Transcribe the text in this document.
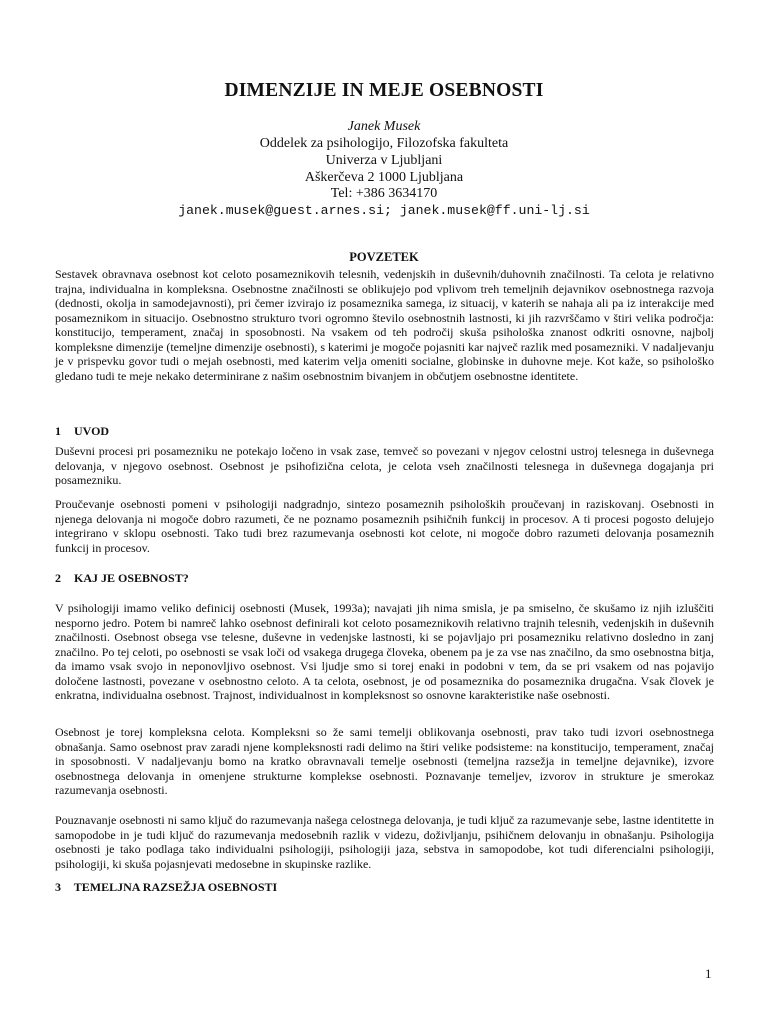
DIMENZIJE IN MEJE OSEBNOSTI
Janek Musek
Oddelek za psihologijo, Filozofska fakulteta
Univerza v Ljubljani
Aškerčeva 2 1000 Ljubljana
Tel: +386 3634170
janek.musek@guest.arnes.si; janek.musek@ff.uni-lj.si
POVZETEK

Sestavek obravnava osebnost kot celoto posameznikovih telesnih, vedenjskih in duševnih/duhovnih značilnosti. Ta celota je relativno trajna, individualna in kompleksna. Osebnostne značilnosti se oblikujejo pod vplivom treh temeljnih dejavnikov osebnostnega razvoja (dednosti, okolja in samodejavnosti), pri čemer izvirajo iz posameznika samega, iz situacij, v katerih se nahaja ali pa iz interakcije med posameznikom in situacijo. Osebnostno strukturo tvori ogromno število osebnostnih lastnosti, ki jih razvrščamo v štiri velika področja: konstitucijo, temperament, značaj in sposobnosti. Na vsakem od teh področij skuša psihološka znanost odkriti osnovne, najbolj kompleksne dimenzije (temeljne dimenzije osebnosti), s katerimi je mogoče pojasniti kar največ razlik med posamezniki. V nadaljevanju je v prispevku govor tudi o mejah osebnosti, med katerim velja omeniti socialne, globinske in duhovne meje. Kot kaže, so psihološko gledano tudi te meje nekako determinirane z našim osebnostnim bivanjem in občutjem osebnostne identitete.

1 UVOD

Duševni procesi pri posamezniku ne potekajo ločeno in vsak zase, temveč so povezani v njegov celostni ustroj telesnega in duševnega delovanja, v njegovo osebnost. Osebnost je psihofizična celota, je celota vseh značilnosti telesnega in duševnega dogajanja pri posamezniku.

Proučevanje osebnosti pomeni v psihologiji nadgradnjo, sintezo posameznih psiholoških proučevanj in raziskovanj. Osebnosti in njenega delovanja ni mogoče dobro razumeti, če ne poznamo posameznih psihičnih funkcij in procesov. A ti procesi pogosto delujejo integrirano v sklopu osebnosti. Tako tudi brez razumevanja osebnosti kot celote, ni mogoče dobro razumeti delovanja posameznih funkcij in procesov.

2 KAJ JE OSEBNOST?

V psihologiji imamo veliko definicij osebnosti (Musek, 1993a); navajati jih nima smisla, je pa smiselno, če skušamo iz njih izluščiti nesporno jedro. Potem bi namreč lahko osebnost definirali kot celoto posameznikovih relativno trajnih telesnih, vedenjskih in duševnih značilnosti. Osebnost obsega vse telesne, duševne in vedenjske lastnosti, ki se pojavljajo pri posamezniku relativno dosledno in zanj značilno. Po tej celoti, po osebnosti se vsak loči od vsakega drugega človeka, obenem pa je za vse nas značilno, da smo osebnostna bitja, da imamo vsak svojo in neponovljivo osebnost. Vsi ljudje smo si torej enaki in podobni v tem, da se pri vsakem od nas pojavijo določene lastnosti, povezane v osebnostno celoto. A ta celota, osebnost, je od posameznika do posameznika drugačna. Vsak človek je enkratna, individualna osebnost. Trajnost, individualnost in kompleksnost so osnovne karakteristike naše osebnosti.

Osebnost je torej kompleksna celota. Kompleksni so že sami temelji oblikovanja osebnosti, prav tako tudi izvori osebnostnega obnašanja. Samo osebnost prav zaradi njene kompleksnosti radi delimo na štiri velike podsisteme: na konstitucijo, temperament, značaj in sposobnosti. V nadaljevanju bomo na kratko obravnavali temelje osebnosti (temeljna razsežja in temeljne dejavnike), izvore osebnostnega delovanja in omenjene strukturne komplekse osebnosti. Poznavanje temeljev, izvorov in strukture je smerokaz razumevanja osebnosti.

Pouznavanje osebnosti ni samo ključ do razumevanja našega celostnega delovanja, je tudi ključ za razumevanje sebe, lastne identitette in samopodobe in je tudi ključ do razumevanja medosebnih razlik v videzu, doživljanju, psihičnem delovanju in obnašanju. Psihologija osebnosti je tako podlaga tako individualni psihologiji, psihologiji jaza, sebstva in samopodobe, kot tudi diferencialni psihologiji, psihologiji, ki skuša pojasnjevati medosebne in skupinske razlike.

3 TEMELJNA RAZSEŽJA OSEBNOSTI
1
